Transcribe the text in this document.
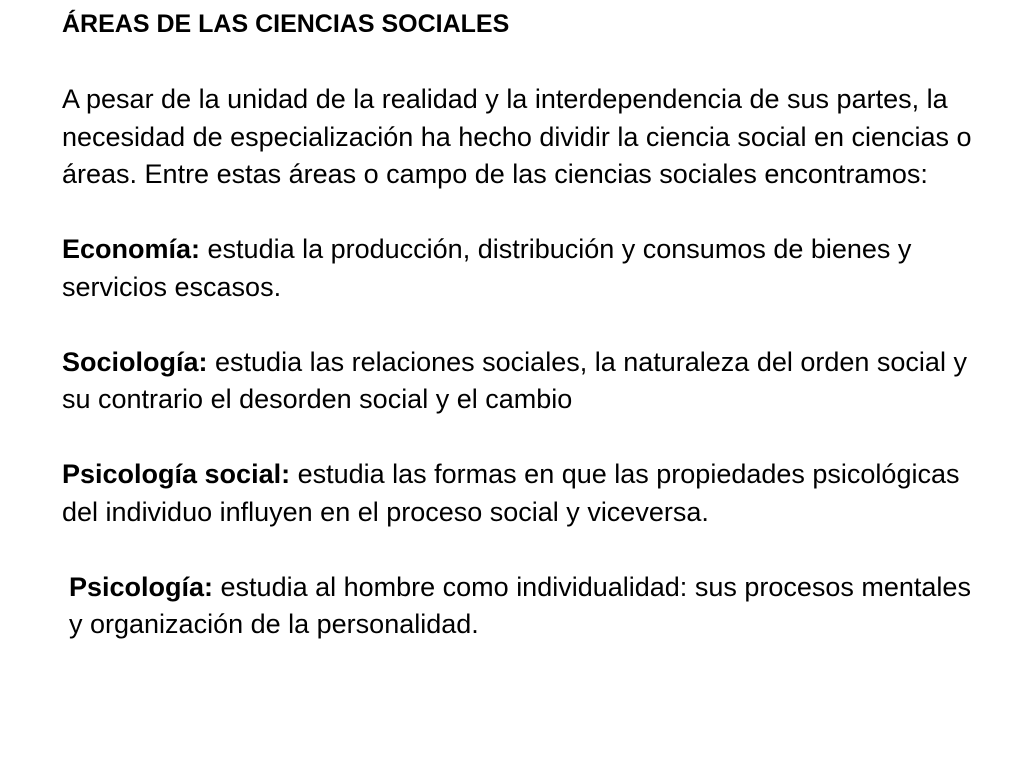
ÁREAS DE LAS CIENCIAS SOCIALES

A pesar de la unidad de la realidad y la interdependencia de sus partes, la necesidad de especialización ha hecho dividir la ciencia social en ciencias o áreas. Entre estas áreas o campo de las ciencias sociales encontramos:

Economía: estudia la producción, distribución y consumos de bienes y servicios escasos.

Sociología: estudia las relaciones sociales, la naturaleza del orden social y su contrario el desorden social y el cambio

Psicología social: estudia las formas en que las propiedades psicológicas del individuo influyen en el proceso social y viceversa.

Psicología: estudia al hombre como individualidad: sus procesos mentales y organización de la personalidad.
